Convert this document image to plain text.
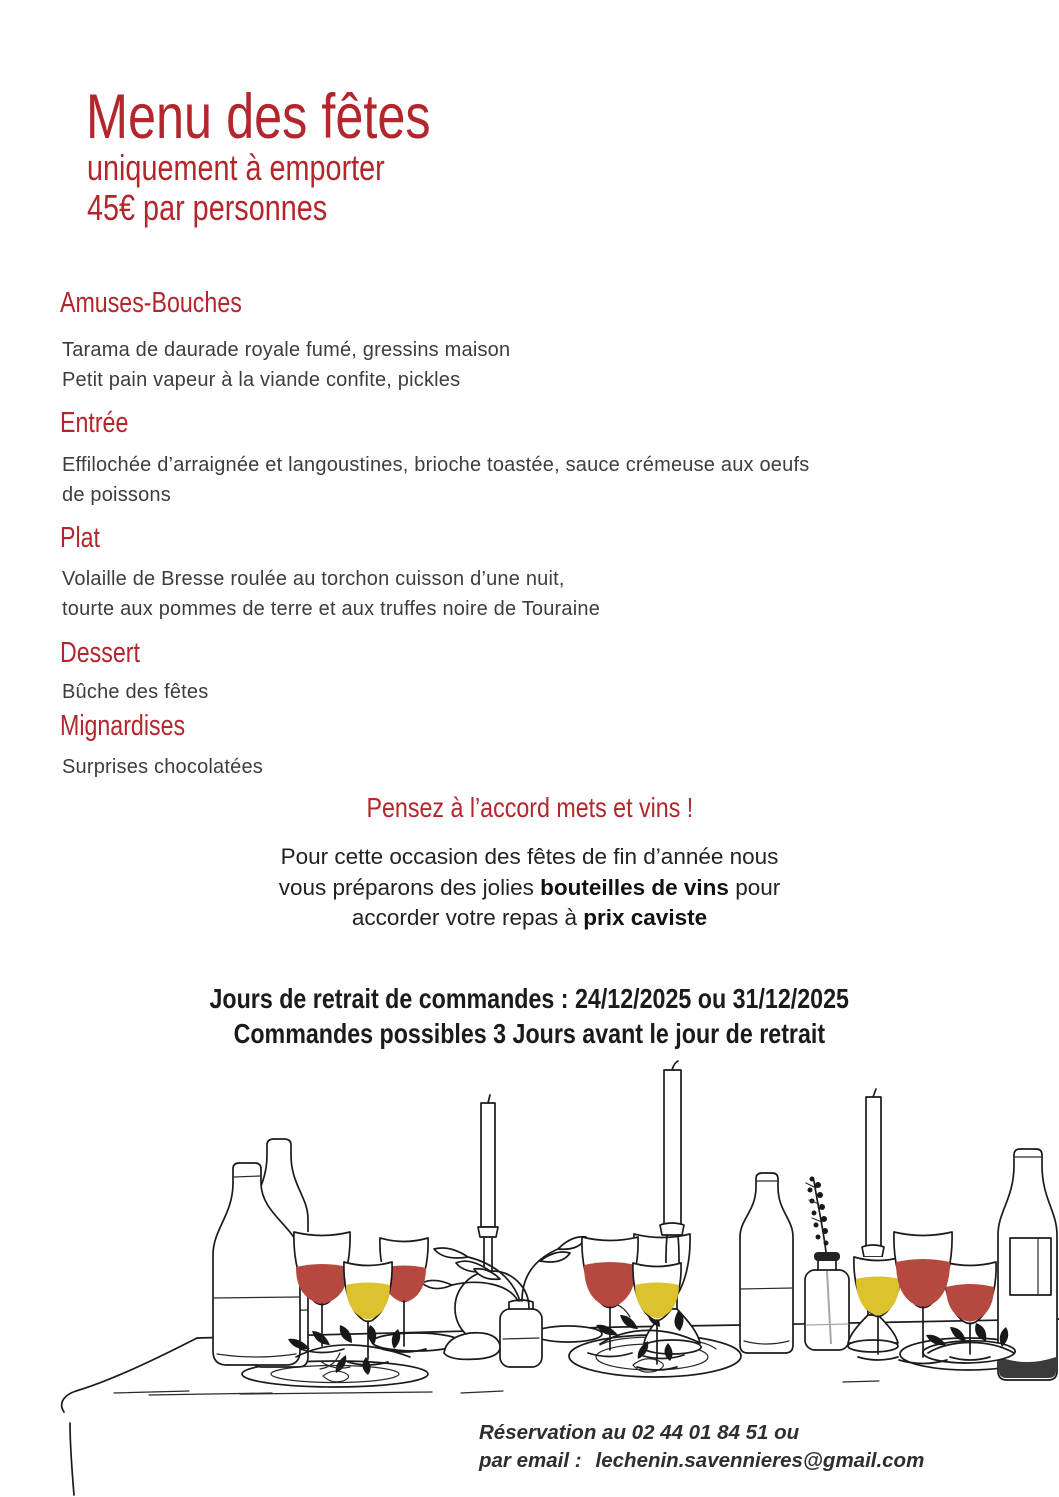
Menu des fêtes
uniquement à emporter
45€ par personnes
Amuses-Bouches
Tarama de daurade royale fumé, gressins maison
Petit pain vapeur à la viande confite, pickles
Entrée
Effilochée d’arraignée et langoustines, brioche toastée, sauce crémeuse aux oeufs
de poissons
Plat
Volaille de Bresse roulée au torchon cuisson d’une nuit,
tourte aux pommes de terre et aux truffes noire de Touraine
Dessert
Bûche des fêtes
Mignardises
Surprises chocolatées
Pensez à l’accord mets et vins !
Pour cette occasion des fêtes de fin d’année nous
vous préparons des jolies bouteilles de vins pour
accorder votre repas à prix caviste
Jours de retrait de commandes : 24/12/2025 ou 31/12/2025
Commandes possibles 3 Jours avant le jour de retrait
Réservation au 02 44 01 84 51 ou
par email : lechenin.savennieres@gmail.com
